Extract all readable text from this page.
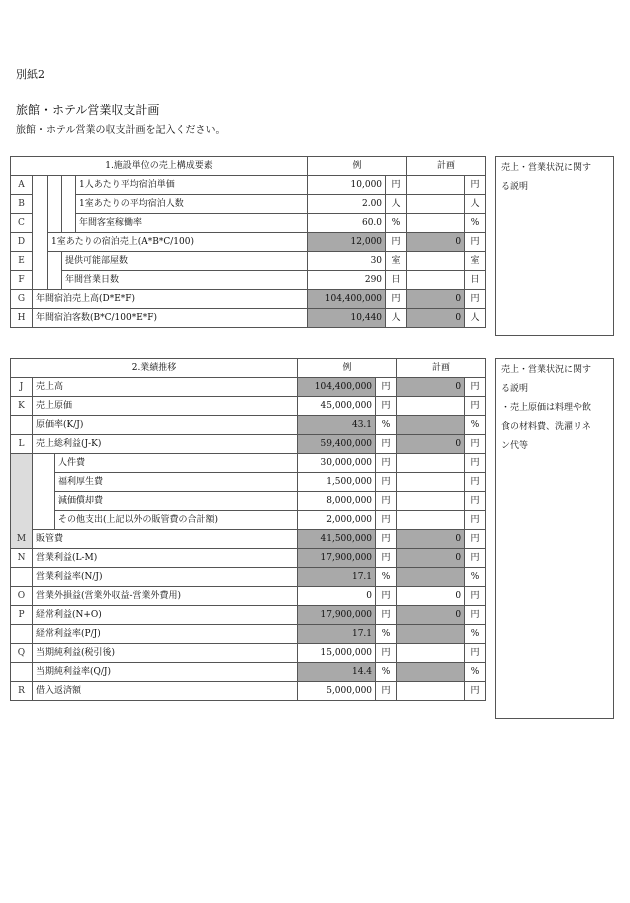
別紙2
旅館・ホテル営業収支計画
旅館・ホテル営業の収支計画を記入ください。
1.施設単位の売上構成要素					例		計画	
A				1人あたり平均宿泊単価	10,000	円		円
B				1室あたりの平均宿泊人数	2.00	人		人
C				年間客室稼働率	60.0	%		%
D		1室あたりの宿泊売上(A*B*C/100)			12,000	円	0	円
E			提供可能部屋数		30	室		室
F			年間営業日数		290	日		日
G	年間宿泊売上高(D*E*F)				104,400,000	円	0	円
H	年間宿泊客数(B*C/100*E*F)				10,440	人	0	人
売上・営業状況に関す
る説明
2.業績推移			例		計画	
J	売上高		104,400,000	円	0	円
K	売上原価		45,000,000	円		円
	原価率(K/J)		43.1	%		%
L	売上総利益(J-K)		59,400,000	円	0	円
M		人件費	30,000,000	円		円
		福利厚生費	1,500,000	円		円
		減価償却費	8,000,000	円		円
		その他支出(上記以外の販管費の合計額)	2,000,000	円		円
	販管費		41,500,000	円	0	円
N	営業利益(L-M)		17,900,000	円	0	円
	営業利益率(N/J)		17.1	%		%
O	営業外損益(営業外収益-営業外費用)		0	円	0	円
P	経常利益(N+O)		17,900,000	円	0	円
	経常利益率(P/J)		17.1	%		%
Q	当期純利益(税引後)		15,000,000	円		円
	当期純利益率(Q/J)		14.4	%		%
R	借入返済額		5,000,000	円		円
売上・営業状況に関す
る説明
・売上原価は料理や飲
食の材料費、洗濯リネ
ン代等
